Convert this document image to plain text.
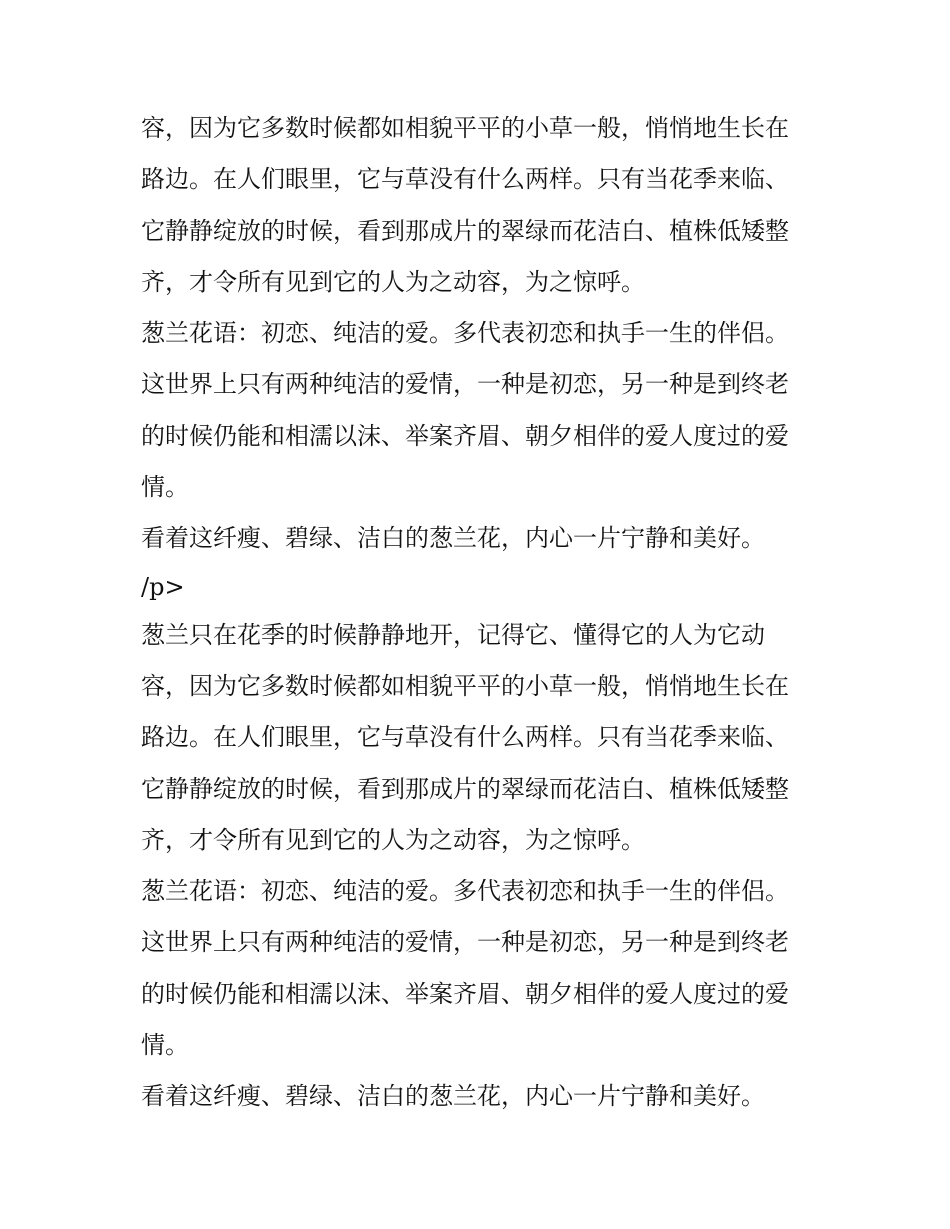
容，因为它多数时候都如相貌平平的小草一般，悄悄地生长在

路边。在人们眼里，它与草没有什么两样。只有当花季来临、

它静静绽放的时候，看到那成片的翠绿而花洁白、植株低矮整

齐，才令所有见到它的人为之动容，为之惊呼。

葱兰花语：初恋、纯洁的爱。多代表初恋和执手一生的伴侣。

这世界上只有两种纯洁的爱情，一种是初恋，另一种是到终老

的时候仍能和相濡以沫、举案齐眉、朝夕相伴的爱人度过的爱

情。

看着这纤瘦、碧绿、洁白的葱兰花，内心一片宁静和美好。

/p>

葱兰只在花季的时候静静地开，记得它、懂得它的人为它动

容，因为它多数时候都如相貌平平的小草一般，悄悄地生长在

路边。在人们眼里，它与草没有什么两样。只有当花季来临、

它静静绽放的时候，看到那成片的翠绿而花洁白、植株低矮整

齐，才令所有见到它的人为之动容，为之惊呼。

葱兰花语：初恋、纯洁的爱。多代表初恋和执手一生的伴侣。

这世界上只有两种纯洁的爱情，一种是初恋，另一种是到终老

的时候仍能和相濡以沫、举案齐眉、朝夕相伴的爱人度过的爱

情。

看着这纤瘦、碧绿、洁白的葱兰花，内心一片宁静和美好。
